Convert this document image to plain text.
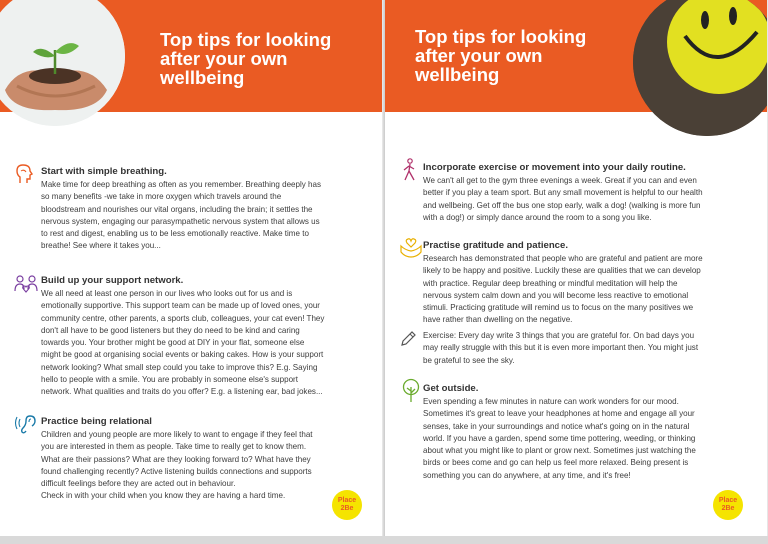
Top tips for looking
after your own
wellbeing
Start with simple breathing.
Make time for deep breathing as often as you remember. Breathing deeply has
so many benefits -we take in more oxygen which travels around the
bloodstream and nourishes our vital organs, including the brain; it settles the
nervous system, engaging our parasympathetic nervous system that allows us
to rest and digest, enabling us to be less emotionally reactive. Make time to
breathe! See where it takes you...
Build up your support network.
We all need at least one person in our lives who looks out for us and is
emotionally supportive. This support team can be made up of loved ones, your
community centre, other parents, a sports club, colleagues, your cat even! They
don't all have to be good listeners but they do need to be kind and caring
towards you. Your brother might be good at DIY in your flat, someone else
might be good at organising social events or baking cakes. How is your support
network looking? What small step could you take to improve this? E.g. Saying
hello to people with a smile. You are probably in someone else's support
network. What qualities and traits do you offer? E.g. a listening ear, bad jokes...
Practice being relational
Children and young people are more likely to want to engage if they feel that
you are interested in them as people. Take time to really get to know them.
What are their passions? What are they looking forward to? What have they
found challenging recently? Active listening builds connections and supports
difficult feelings before they are acted out in behaviour.
Check in with your child when you know they are having a hard time.
Place
2Be
Top tips for looking
after your own
wellbeing
Incorporate exercise or movement into your daily routine.
We can't all get to the gym three evenings a week. Great if you can and even
better if you play a team sport. But any small movement is helpful to our health
and wellbeing. Get off the bus one stop early, walk a dog! (walking is more fun
with a dog!) or simply dance around the room to a song you like.
Practise gratitude and patience.
Research has demonstrated that people who are grateful and patient are more
likely to be happy and positive. Luckily these are qualities that we can develop
with practice. Regular deep breathing or mindful meditation will help the
nervous system calm down and you will become less reactive to emotional
stimuli. Practicing gratitude will remind us to focus on the many positives we
have rather than dwelling on the negative.
Exercise: Every day write 3 things that you are grateful for. On bad days you
may really struggle with this but it is even more important then. You might just
be grateful to see the sky.
Get outside.
Even spending a few minutes in nature can work wonders for our mood.
Sometimes it's great to leave your headphones at home and engage all your
senses, take in your surroundings and notice what's going on in the natural
world. If you have a garden, spend some time pottering, weeding, or thinking
about what you might like to plant or grow next. Sometimes just watching the
birds or bees come and go can help us feel more relaxed. Being present is
something you can do anywhere, at any time, and it's free!
Place
2Be
